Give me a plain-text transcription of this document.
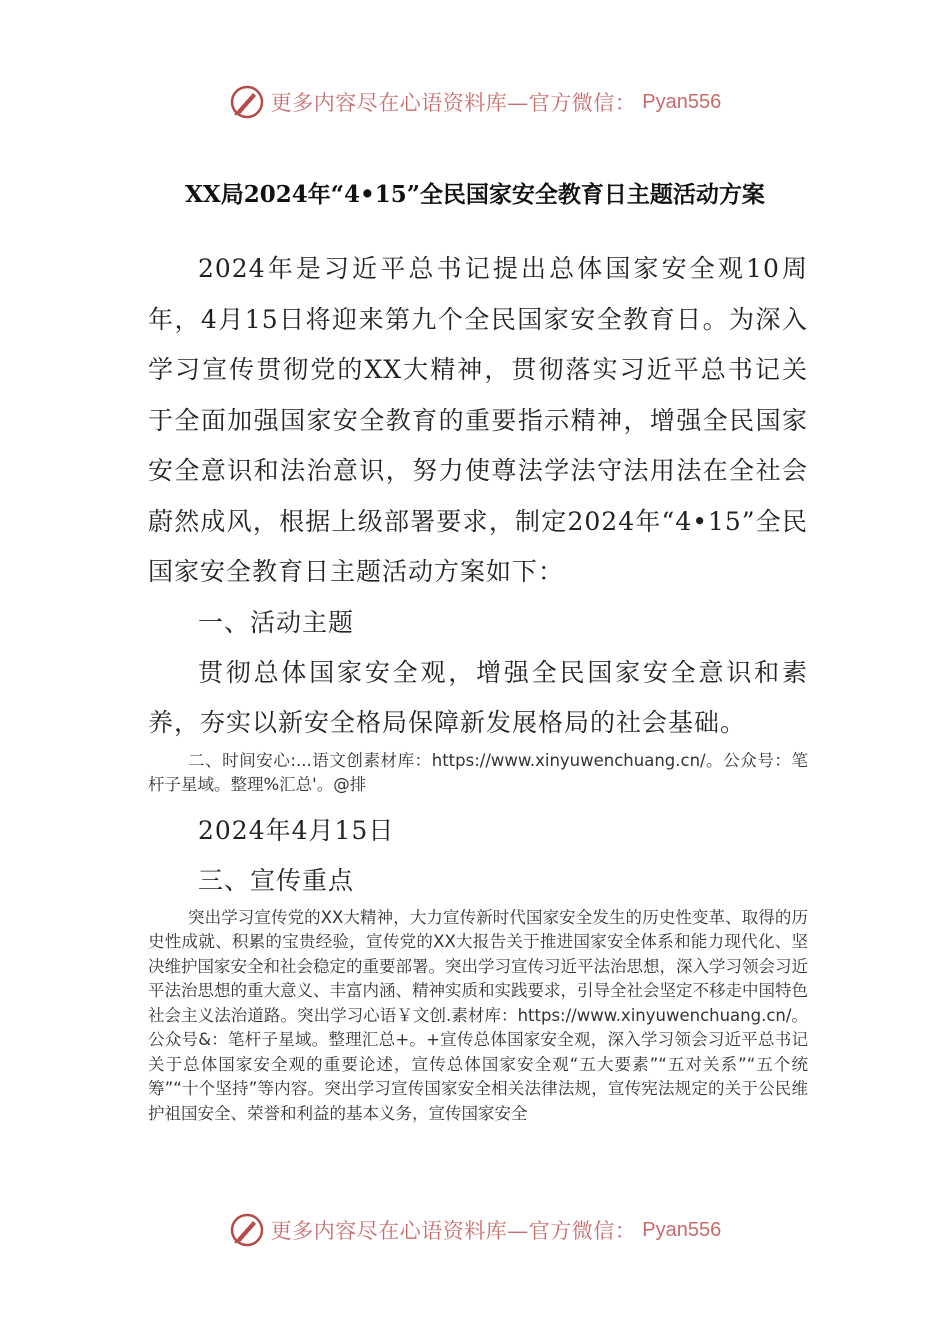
更多内容尽在心语资料库—官方微信： Pyan556
XX局2024年“4•15”全民国家安全教育日主题活动方案

2024年是习近平总书记提出总体国家安全观10周年，4月15日将迎来第九个全民国家安全教育日。为深入学习宣传贯彻党的XX大精神，贯彻落实习近平总书记关于全面加强国家安全教育的重要指示精神，增强全民国家安全意识和法治意识，努力使尊法学法守法用法在全社会蔚然成风，根据上级部署要求，制定2024年“4•15”全民国家安全教育日主题活动方案如下：

一、活动主题

贯彻总体国家安全观，增强全民国家安全意识和素养，夯实以新安全格局保障新发展格局的社会基础。

二、时间安心:...语文创素材库：https://www.xinyuwenchuang.cn/。公众号：笔杆子星域。整理%汇总'。@排

2024年4月15日

三、宣传重点

突出学习宣传党的XX大精神，大力宣传新时代国家安全发生的历史性变革、取得的历史性成就、积累的宝贵经验，宣传党的XX大报告关于推进国家安全体系和能力现代化、坚决维护国家安全和社会稳定的重要部署。突出学习宣传习近平法治思想，深入学习领会习近平法治思想的重大意义、丰富内涵、精神实质和实践要求，引导全社会坚定不移走中国特色社会主义法治道路。突出学习心语￥文创.素材库：https://www.xinyuwenchuang.cn/。公众号&：笔杆子星域。整理汇总+。+宣传总体国家安全观，深入学习领会习近平总书记关于总体国家安全观的重要论述，宣传总体国家安全观“五大要素”“五对关系”“五个统筹”“十个坚持”等内容。突出学习宣传国家安全相关法律法规，宣传宪法规定的关于公民维护祖国安全、荣誉和利益的基本义务，宣传国家安全

更多内容尽在心语资料库—官方微信： Pyan556
